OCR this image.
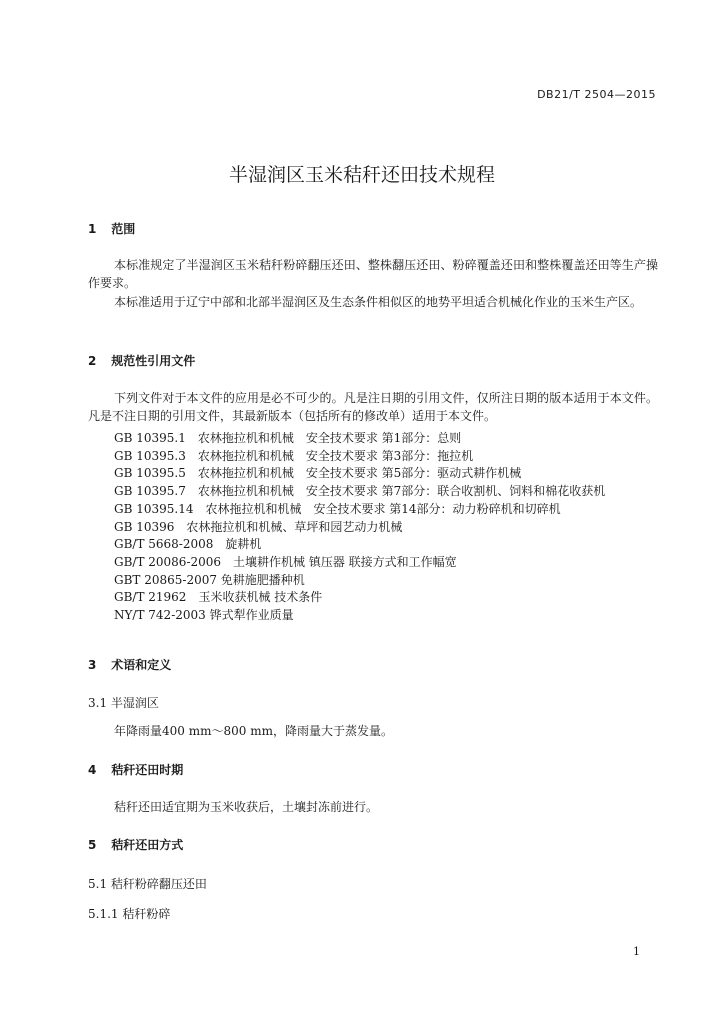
DB21/T 2504—2015
半湿润区玉米秸秆还田技术规程
1 范围
本标准规定了半湿润区玉米秸秆粉碎翻压还田、整株翻压还田、粉碎覆盖还田和整株覆盖还田等生产操作要求。
本标准适用于辽宁中部和北部半湿润区及生态条件相似区的地势平坦适合机械化作业的玉米生产区。
2 规范性引用文件
下列文件对于本文件的应用是必不可少的。凡是注日期的引用文件，仅所注日期的版本适用于本文件。凡是不注日期的引用文件，其最新版本（包括所有的修改单）适用于本文件。
GB 10395.1　农林拖拉机和机械　安全技术要求 第1部分：总则
GB 10395.3　农林拖拉机和机械　安全技术要求 第3部分：拖拉机
GB 10395.5　农林拖拉机和机械　安全技术要求 第5部分：驱动式耕作机械
GB 10395.7　农林拖拉机和机械　安全技术要求 第7部分：联合收割机、饲料和棉花收获机
GB 10395.14　农林拖拉机和机械　安全技术要求 第14部分：动力粉碎机和切碎机
GB 10396　农林拖拉机和机械、草坪和园艺动力机械
GB/T 5668-2008　旋耕机
GB/T 20086-2006　土壤耕作机械 镇压器 联接方式和工作幅宽
GBT 20865-2007 免耕施肥播种机
GB/T 21962　玉米收获机械 技术条件
NY/T 742-2003 铧式犁作业质量
3 术语和定义
3.1 半湿润区
年降雨量400 mm～800 mm，降雨量大于蒸发量。
4 秸秆还田时期
秸秆还田适宜期为玉米收获后，土壤封冻前进行。
5 秸秆还田方式
5.1 秸秆粉碎翻压还田
5.1.1 秸秆粉碎
1
